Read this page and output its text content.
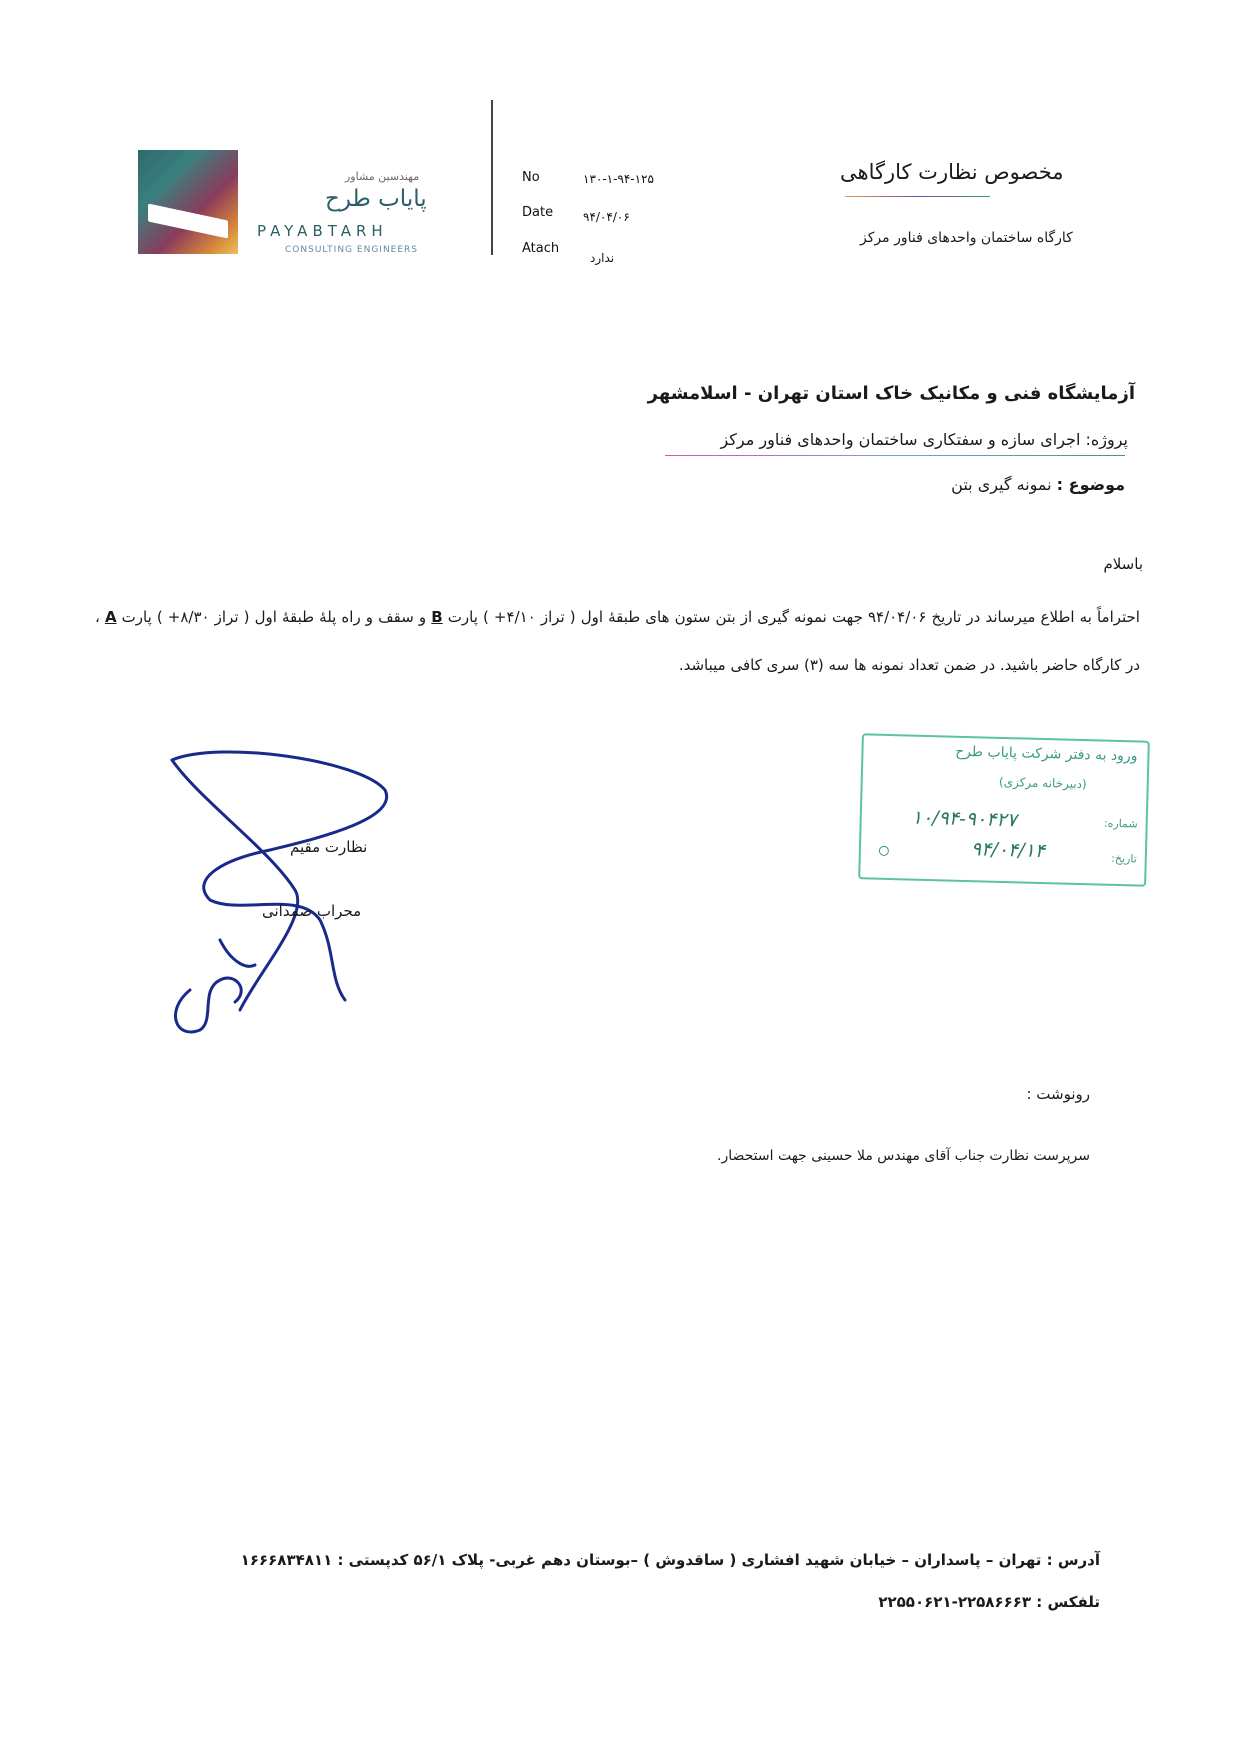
مهندسین مشاور
پایاب طرح
PAYABTARH
CONSULTING ENGINEERS
No	۱۳۰-۱-۹۴-۱۲۵
Date ۹۴/۰۴/۰۶
Atach
ندارد
مخصوص نظارت کارگاهی
کارگاه ساختمان واحدهای فناور مرکز
آزمایشگاه فنی و مکانیک خاک استان تهران - اسلامشهر
پروژه: اجرای سازه و سفتکاری ساختمان واحدهای فناور مرکز
موضوع : نمونه گیری بتن
باسلام
احتراماً به اطلاع میرساند در تاریخ ۹۴/۰۴/۰۶ جهت نمونه گیری از بتن ستون های طبقهٔ اول ( تراز ۴/۱۰+ ) پارت B و سقف و راه پلهٔ طبقهٔ اول ( تراز ۸/۳۰+ ) پارت A ، در کارگاه حاضر باشید. در ضمن تعداد نمونه ها سه (۳) سری کافی میباشد.
ورود به دفتر شرکت پایاب طرح
(دبیرخانه مرکزی)
شماره:
۱۰/۹۴-۹۰۴۲۷
تاریخ:
۹۴/۰۴/۱۴
نظارت مقیم
محراب صمدانی
رونوشت :
سرپرست نظارت جناب آقای مهندس ملا حسینی جهت استحضار.
آدرس : تهران – پاسداران – خیابان شهید افشاری ( ساقدوش ) –بوستان دهم غربی- پلاک ۵۶/۱ کدپستی : ۱۶۶۶۸۳۴۸۱۱
تلفکس : ۲۲۵۸۶۶۶۳-۲۲۵۵۰۶۲۱
